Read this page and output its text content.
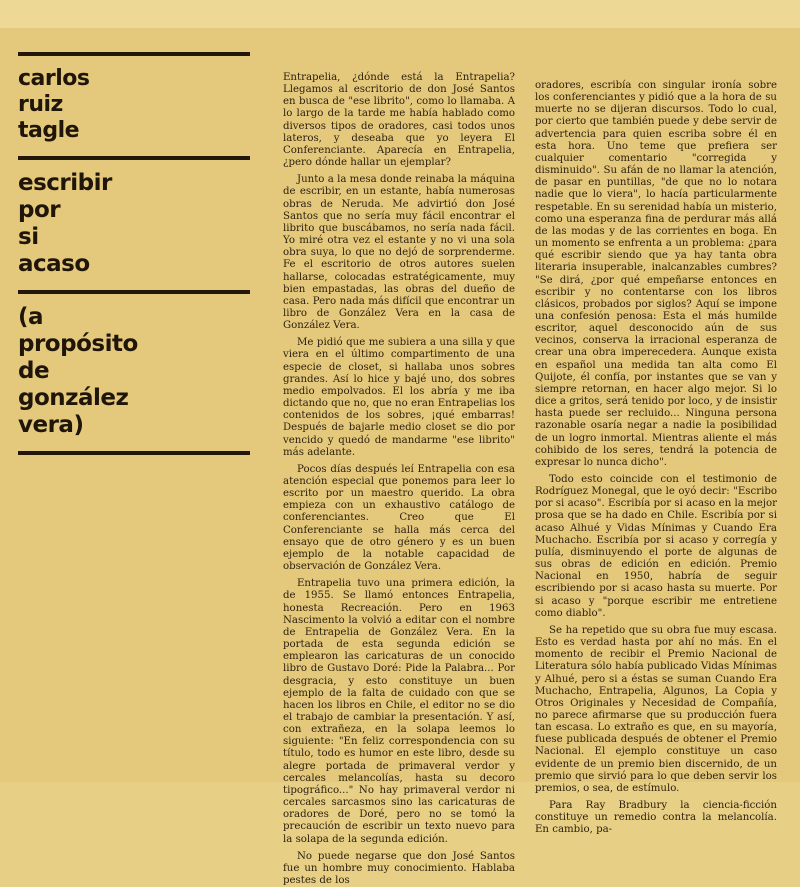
carlos
ruiz
tagle
escribir
por
si
acaso
(a
propósito
de
gonzález
vera)

Entrapelia, ¿dónde está la Entrapelia? Llegamos al escritorio de don José Santos en busca de "ese librito", como lo llamaba. A lo largo de la tarde me había hablado como diversos tipos de oradores, casi todos unos lateros, y deseaba que yo leyera El Conferenciante. Aparecía en Entrapelia, ¿pero dónde hallar un ejemplar?

Junto a la mesa donde reinaba la máquina de escribir, en un estante, había numerosas obras de Neruda. Me advirtió don José Santos que no sería muy fácil encontrar el librito que buscábamos, no sería nada fácil. Yo miré otra vez el estante y no vi una sola obra suya, lo que no dejó de sorprenderme. Fe el escritorio de otros autores suelen hallarse, colocadas estratégicamente, muy bien empastadas, las obras del dueño de casa. Pero nada más difícil que encontrar un libro de González Vera en la casa de González Vera.

Me pidió que me subiera a una silla y que viera en el último compartimento de una especie de closet, si hallaba unos sobres grandes. Así lo hice y bajé uno, dos sobres medio empolvados. El los abría y me iba dictando que no, que no eran Entrapelias los contenidos de los sobres, ¡qué embarras! Después de bajarle medio closet se dio por vencido y quedó de mandarme "ese librito" más adelante.

Pocos días después leí Entrapelia con esa atención especial que ponemos para leer lo escrito por un maestro querido. La obra empieza con un exhaustivo catálogo de conferenciantes. Creo que El Conferenciante se halla más cerca del ensayo que de otro género y es un buen ejemplo de la notable capacidad de observación de González Vera.

Entrapelia tuvo una primera edición, la de 1955. Se llamó entonces Entrapelia, honesta Recreación. Pero en 1963 Nascimento la volvió a editar con el nombre de Entrapelia de González Vera. En la portada de esta segunda edición se emplearon las caricaturas de un conocido libro de Gustavo Doré: Pide la Palabra... Por desgracia, y esto constituye un buen ejemplo de la falta de cuidado con que se hacen los libros en Chile, el editor no se dio el trabajo de cambiar la presentación. Y así, con extrañeza, en la solapa leemos lo siguiente: "En feliz correspondencia con su título, todo es humor en este libro, desde su alegre portada de primaveral verdor y cercales melancolías, hasta su decoro tipográfico..." No hay primaveral verdor ni cercales sarcasmos sino las caricaturas de oradores de Doré, pero no se tomó la precaución de escribir un texto nuevo para la solapa de la segunda edición.

No puede negarse que don José Santos fue un hombre muy conocimiento. Hablaba pestes de los

oradores, escribía con singular ironía sobre los conferenciantes y pidió que a la hora de su muerte no se dijeran discursos. Todo lo cual, por cierto que también puede y debe servir de advertencia para quien escriba sobre él en esta hora. Uno teme que prefiera ser cualquier comentario "corregida y disminuido". Su afán de no llamar la atención, de pasar en puntillas, "de que no lo notara nadie que lo viera", lo hacía particularmente respetable. En su serenidad había un misterio, como una esperanza fina de perdurar más allá de las modas y de las corrientes en boga. En un momento se enfrenta a un problema: ¿para qué escribir siendo que ya hay tanta obra literaria insuperable, inalcanzables cumbres? "Se dirá, ¿por qué empeñarse entonces en escribir y no contentarse con los libros clásicos, probados por siglos? Aquí se impone una confesión penosa: Esta el más humilde escritor, aquel desconocido aún de sus vecinos, conserva la irracional esperanza de crear una obra imperecedera. Aunque exista en español una medida tan alta como El Quijote, él confía, por instantes que se van y siempre retornan, en hacer algo mejor. Si lo dice a gritos, será tenido por loco, y de insistir hasta puede ser recluido... Ninguna persona razonable osaría negar a nadie la posibilidad de un logro inmortal. Mientras aliente el más cohibido de los seres, tendrá la potencia de expresar lo nunca dicho".

Todo esto coincide con el testimonio de Rodríguez Monegal, que le oyó decir: "Escribo por si acaso". Escribía por si acaso en la mejor prosa que se ha dado en Chile. Escribía por si acaso Alhué y Vidas Mínimas y Cuando Era Muchacho. Escribía por si acaso y corregía y pulía, disminuyendo el porte de algunas de sus obras de edición en edición. Premio Nacional en 1950, habría de seguir escribiendo por si acaso hasta su muerte. Por si acaso y "porque escribir me entretiene como diablo".

Se ha repetido que su obra fue muy escasa. Esto es verdad hasta por ahí no más. En el momento de recibir el Premio Nacional de Literatura sólo había publicado Vidas Mínimas y Alhué, pero si a éstas se suman Cuando Era Muchacho, Entrapelia, Algunos, La Copia y Otros Originales y Necesidad de Compañía, no parece afirmarse que su producción fuera tan escasa. Lo extraño es que, en su mayoría, fuese publicada después de obtener el Premio Nacional. El ejemplo constituye un caso evidente de un premio bien discernido, de un premio que sirvió para lo que deben servir los premios, o sea, de estímulo.

Para Ray Bradbury la ciencia-ficción constituye un remedio contra la melancolía. En cambio, pa-
